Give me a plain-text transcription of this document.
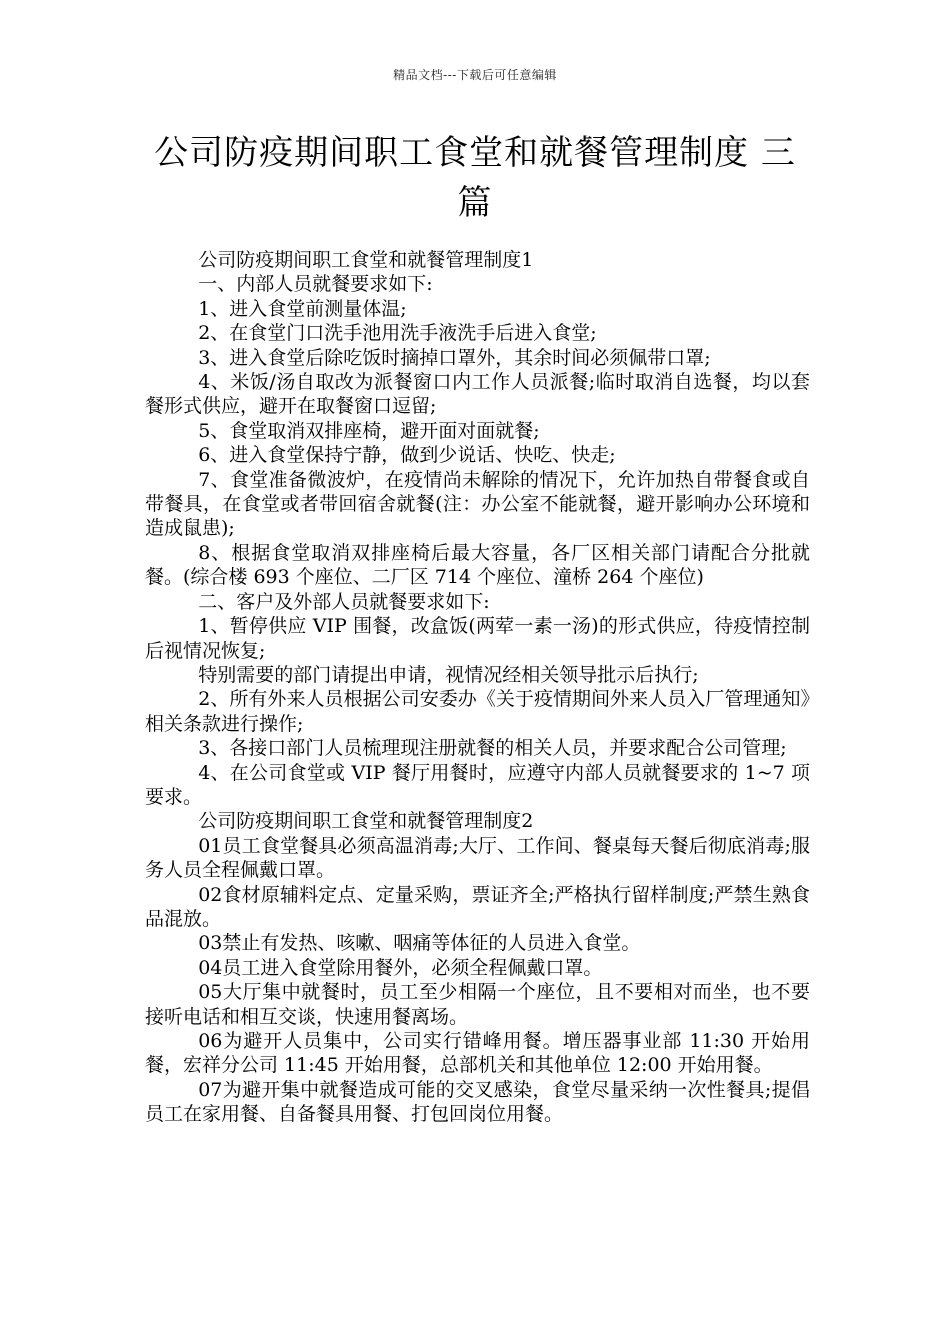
精品文档---下载后可任意编辑
公司防疫期间职工食堂和就餐管理制度 三篇

公司防疫期间职工食堂和就餐管理制度1

一、内部人员就餐要求如下:

1、进入食堂前测量体温;

2、在食堂门口洗手池用洗手液洗手后进入食堂;

3、进入食堂后除吃饭时摘掉口罩外，其余时间必须佩带口罩;

4、米饭/汤自取改为派餐窗口内工作人员派餐;临时取消自选餐，均以套餐形式供应，避开在取餐窗口逗留;

5、食堂取消双排座椅，避开面对面就餐;

6、进入食堂保持宁静，做到少说话、快吃、快走;

7、食堂准备微波炉，在疫情尚未解除的情况下，允许加热自带餐食或自带餐具，在食堂或者带回宿舍就餐(注：办公室不能就餐，避开影响办公环境和造成鼠患);

8、根据食堂取消双排座椅后最大容量，各厂区相关部门请配合分批就餐。(综合楼 693 个座位、二厂区 714 个座位、潼桥 264 个座位)

二、客户及外部人员就餐要求如下:

1、暂停供应 VIP 围餐，改盒饭(两荤一素一汤)的形式供应，待疫情控制后视情况恢复;

特别需要的部门请提出申请，视情况经相关领导批示后执行;

2、所有外来人员根据公司安委办《关于疫情期间外来人员入厂管理通知》相关条款进行操作;

3、各接口部门人员梳理现注册就餐的相关人员，并要求配合公司管理;

4、在公司食堂或 VIP 餐厅用餐时，应遵守内部人员就餐要求的 1~7 项要求。

公司防疫期间职工食堂和就餐管理制度2

01员工食堂餐具必须高温消毒;大厅、工作间、餐桌每天餐后彻底消毒;服务人员全程佩戴口罩。

02食材原辅料定点、定量采购，票证齐全;严格执行留样制度;严禁生熟食品混放。

03禁止有发热、咳嗽、咽痛等体征的人员进入食堂。

04员工进入食堂除用餐外，必须全程佩戴口罩。

05大厅集中就餐时，员工至少相隔一个座位，且不要相对而坐，也不要接听电话和相互交谈，快速用餐离场。

06为避开人员集中，公司实行错峰用餐。增压器事业部 11:30 开始用餐，宏祥分公司 11:45 开始用餐，总部机关和其他单位 12:00 开始用餐。

07为避开集中就餐造成可能的交叉感染，食堂尽量采纳一次性餐具;提倡员工在家用餐、自备餐具用餐、打包回岗位用餐。
